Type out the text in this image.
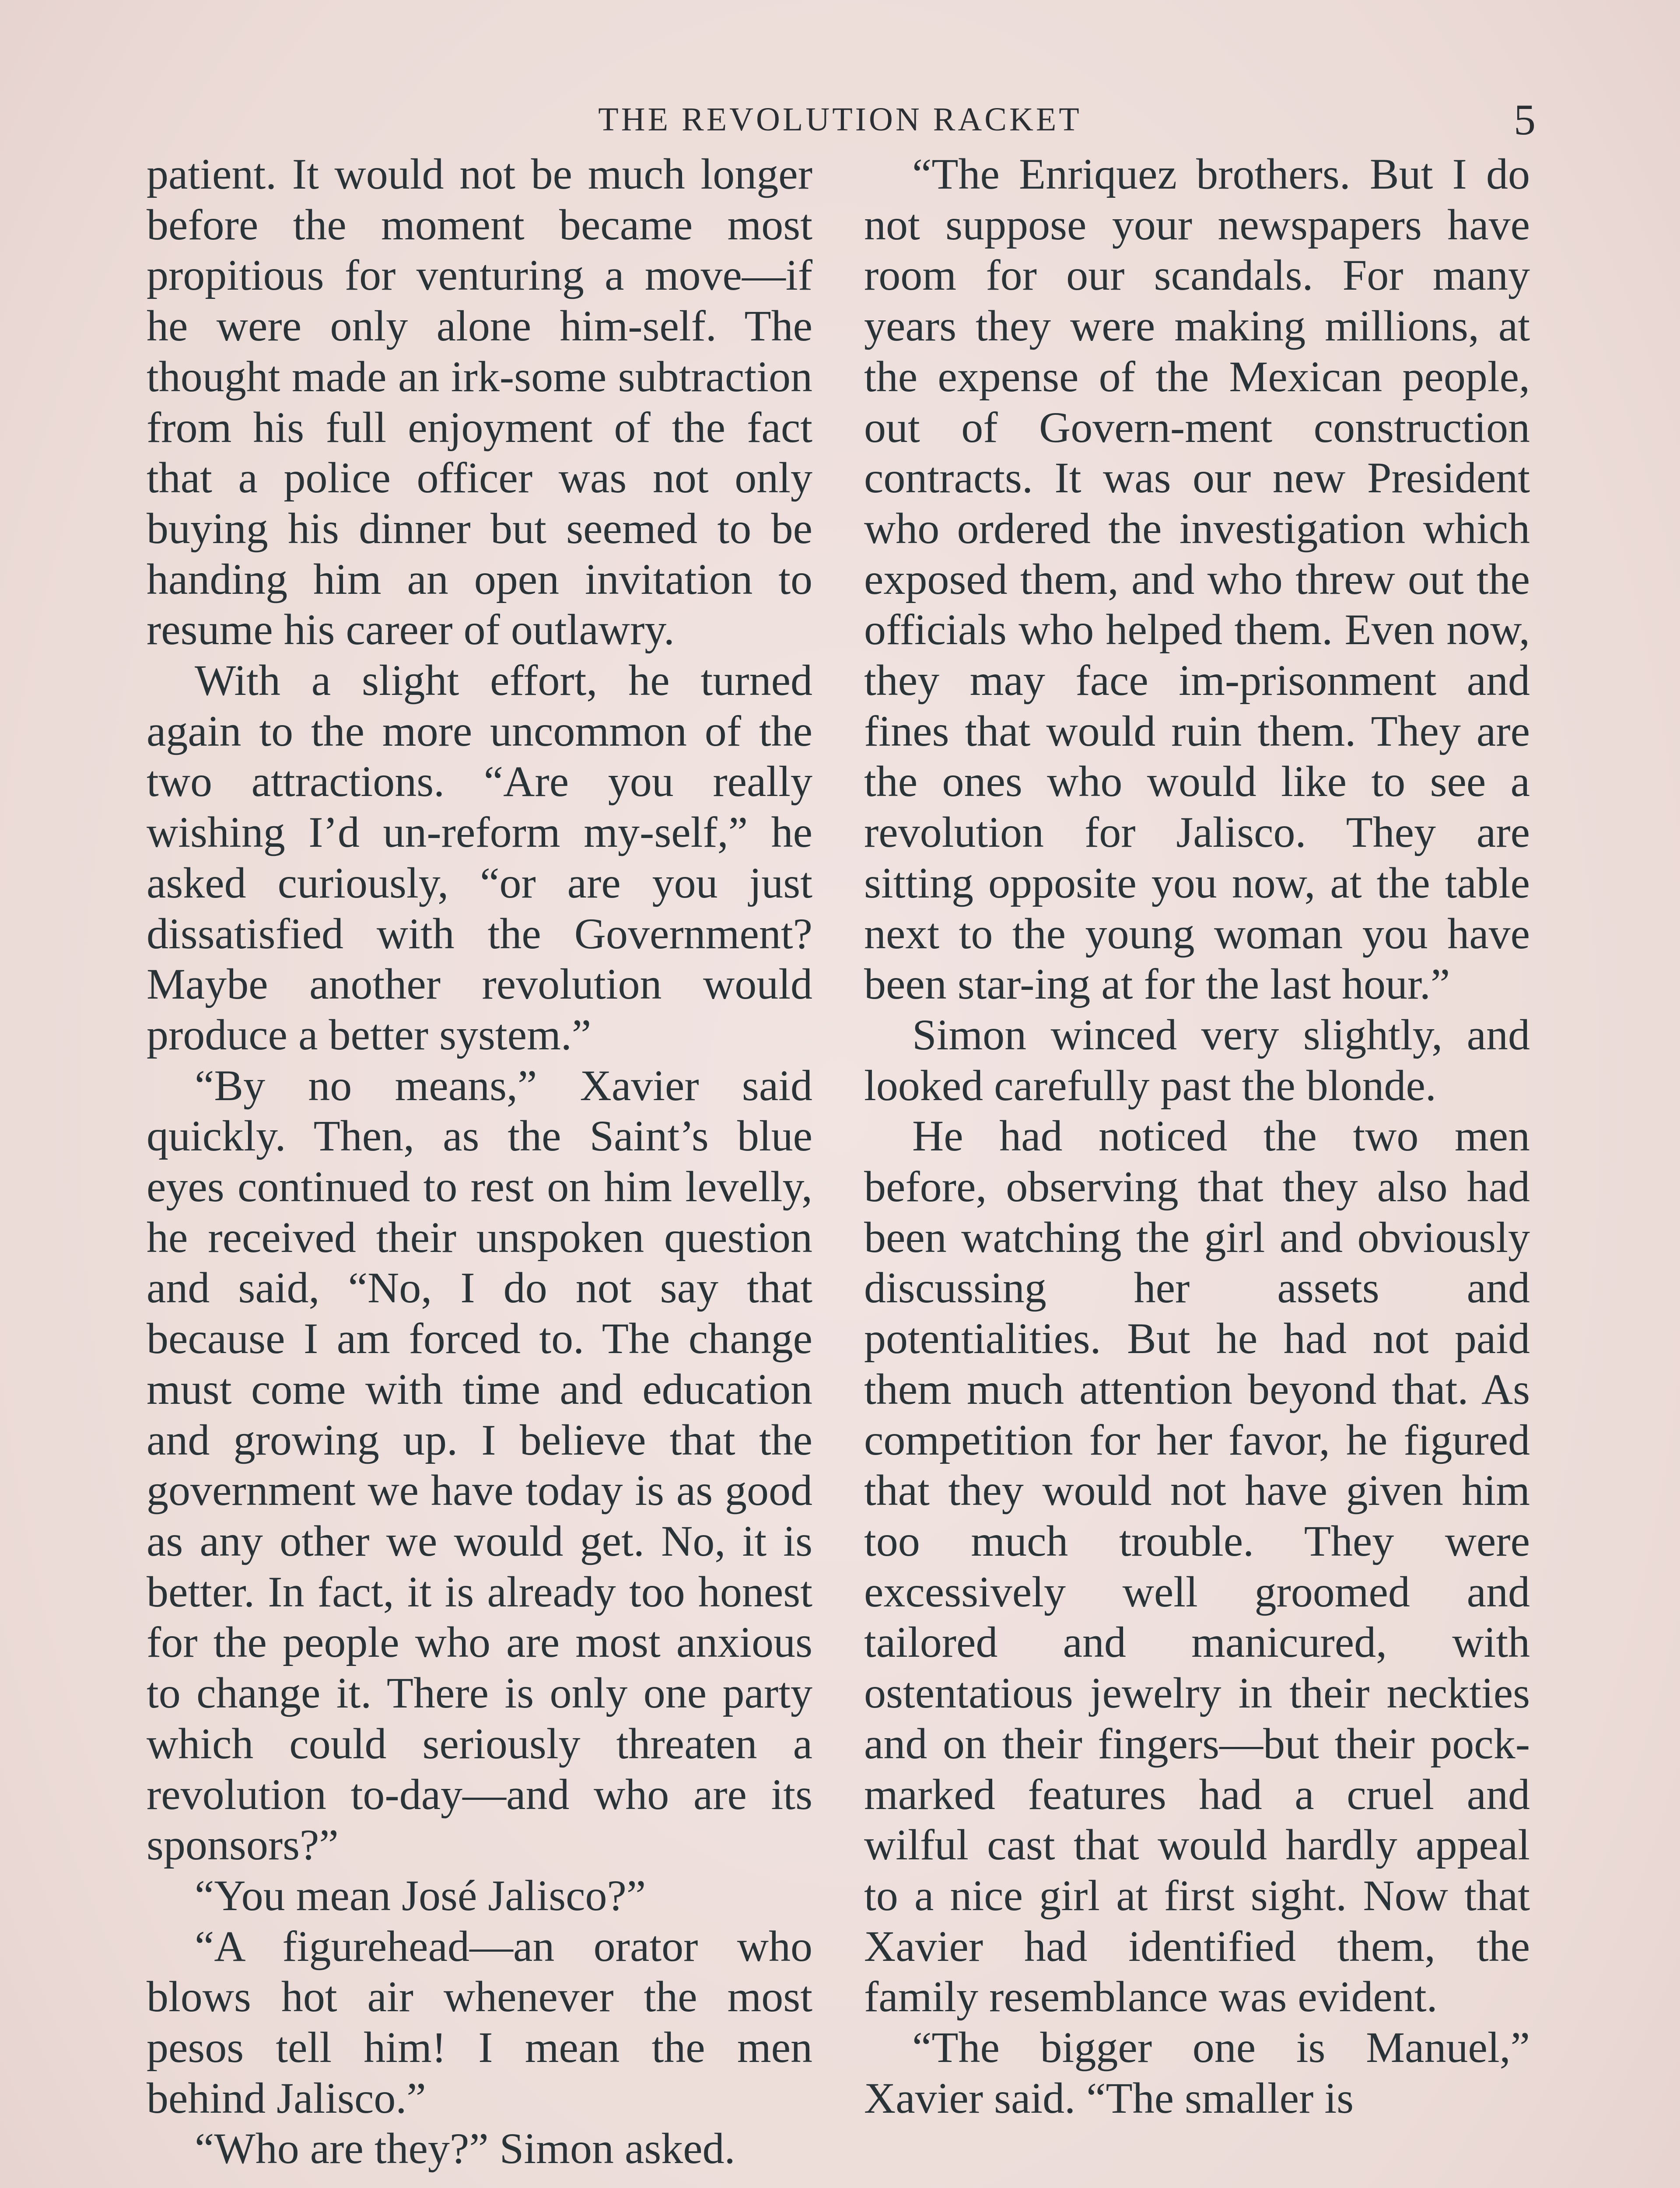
THE REVOLUTION RACKET	5

patient. It would not be much longer before the moment became most propitious for venturing a move—if he were only alone him-self. The thought made an irk-some subtraction from his full enjoyment of the fact that a police officer was not only buying his dinner but seemed to be handing him an open invitation to resume his career of outlawry.

With a slight effort, he turned again to the more uncommon of the two attractions. “Are you really wishing I’d un-reform my-self,” he asked curiously, “or are you just dissatisfied with the Government? Maybe another revolution would produce a better system.”

“By no means,” Xavier said quickly. Then, as the Saint’s blue eyes continued to rest on him levelly, he received their unspoken question and said, “No, I do not say that because I am forced to. The change must come with time and education and growing up. I believe that the government we have today is as good as any other we would get. No, it is better. In fact, it is already too honest for the people who are most anxious to change it. There is only one party which could seriously threaten a revolution to-day—and who are its sponsors?”

“You mean José Jalisco?”

“A figurehead—an orator who blows hot air whenever the most pesos tell him! I mean the men behind Jalisco.”

“Who are they?” Simon asked.

“The Enriquez brothers. But I do not suppose your newspapers have room for our scandals. For many years they were making millions, at the expense of the Mexican people, out of Govern-ment construction contracts. It was our new President who ordered the investigation which exposed them, and who threw out the officials who helped them. Even now, they may face im-prisonment and fines that would ruin them. They are the ones who would like to see a revolution for Jalisco. They are sitting opposite you now, at the table next to the young woman you have been star-ing at for the last hour.”

Simon winced very slightly, and looked carefully past the blonde.

He had noticed the two men before, observing that they also had been watching the girl and obviously discussing her assets and potentialities. But he had not paid them much attention beyond that. As competition for her favor, he figured that they would not have given him too much trouble. They were excessively well groomed and tailored and manicured, with ostentatious jewelry in their neckties and on their fingers—but their pock-marked features had a cruel and wilful cast that would hardly appeal to a nice girl at first sight. Now that Xavier had identified them, the family resemblance was evident.

“The bigger one is Manuel,” Xavier said. “The smaller is
